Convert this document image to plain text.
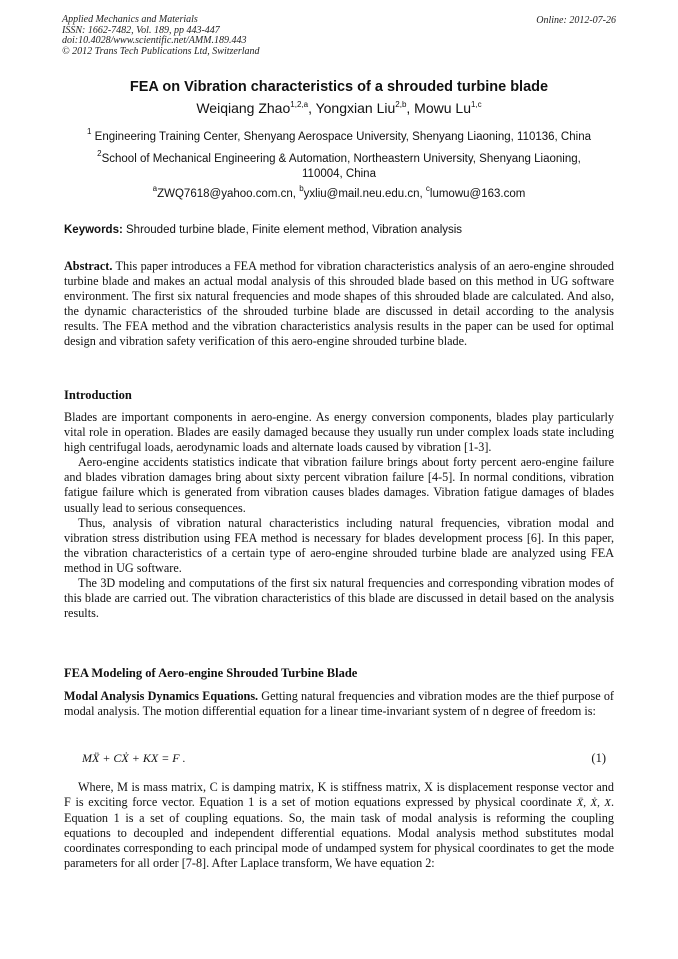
Applied Mechanics and Materials
ISSN: 1662-7482, Vol. 189, pp 443-447
doi:10.4028/www.scientific.net/AMM.189.443
© 2012 Trans Tech Publications Ltd, Switzerland
Online: 2012-07-26
FEA on Vibration characteristics of a shrouded turbine blade
Weiqiang Zhao$^{1,2,a}$, Yongxian Liu$^{2,b}$, Mowu Lu$^{1,c}$
$^1$ Engineering Training Center, Shenyang Aerospace University, Shenyang Liaoning, 110136, China
$^2$School of Mechanical Engineering & Automation, Northeastern University, Shenyang Liaoning,
110004, China
$^a$ZWQ7618@yahoo.com.cn, $^b$yxliu@mail.neu.edu.cn, $^c$lumowu@163.com
Keywords: Shrouded turbine blade, Finite element method, Vibration analysis
Abstract. This paper introduces a FEA method for vibration characteristics analysis of an aero-engine shrouded turbine blade and makes an actual modal analysis of this shrouded blade based on this method in UG software environment. The first six natural frequencies and mode shapes of this shrouded blade are calculated. And also, the dynamic characteristics of the shrouded turbine blade are discussed in detail according to the analysis results. The FEA method and the vibration characteristics analysis results in the paper can be used for optimal design and vibration safety verification of this aero-engine shrouded turbine blade.
Introduction
Blades are important components in aero-engine. As energy conversion components, blades play particularly vital role in operation. Blades are easily damaged because they usually run under complex loads state including high centrifugal loads, aerodynamic loads and alternate loads caused by vibration [1-3].
Aero-engine accidents statistics indicate that vibration failure brings about forty percent aero-engine failure and blades vibration damages bring about sixty percent vibration failure [4-5]. In normal conditions, vibration fatigue failure which is generated from vibration causes blades damages. Vibration fatigue damages of blades usually lead to serious consequences.
Thus, analysis of vibration natural characteristics including natural frequencies, vibration modal and vibration stress distribution using FEA method is necessary for blades development process [6]. In this paper, the vibration characteristics of a certain type of aero-engine shrouded turbine blade are analyzed using FEA method in UG software.
The 3D modeling and computations of the first six natural frequencies and corresponding vibration modes of this blade are carried out. The vibration characteristics of this blade are discussed in detail based on the analysis results.
FEA Modeling of Aero-engine Shrouded Turbine Blade
Modal Analysis Dynamics Equations. Getting natural frequencies and vibration modes are the thief purpose of modal analysis. The motion differential equation for a linear time-invariant system of n degree of freedom is:
MẌ + CẊ + KX = F .	(1)
Where, M is mass matrix, C is damping matrix, K is stiffness matrix, X is displacement response vector and F is exciting force vector. Equation 1 is a set of motion equations expressed by physical coordinate Ẍ, Ẋ, X. Equation 1 is a set of coupling equations. So, the main task of modal analysis is reforming the coupling equations to decoupled and independent differential equations. Modal analysis method substitutes modal coordinates corresponding to each principal mode of undamped system for physical coordinates to get the mode parameters for all order [7-8]. After Laplace transform, We have equation 2:
